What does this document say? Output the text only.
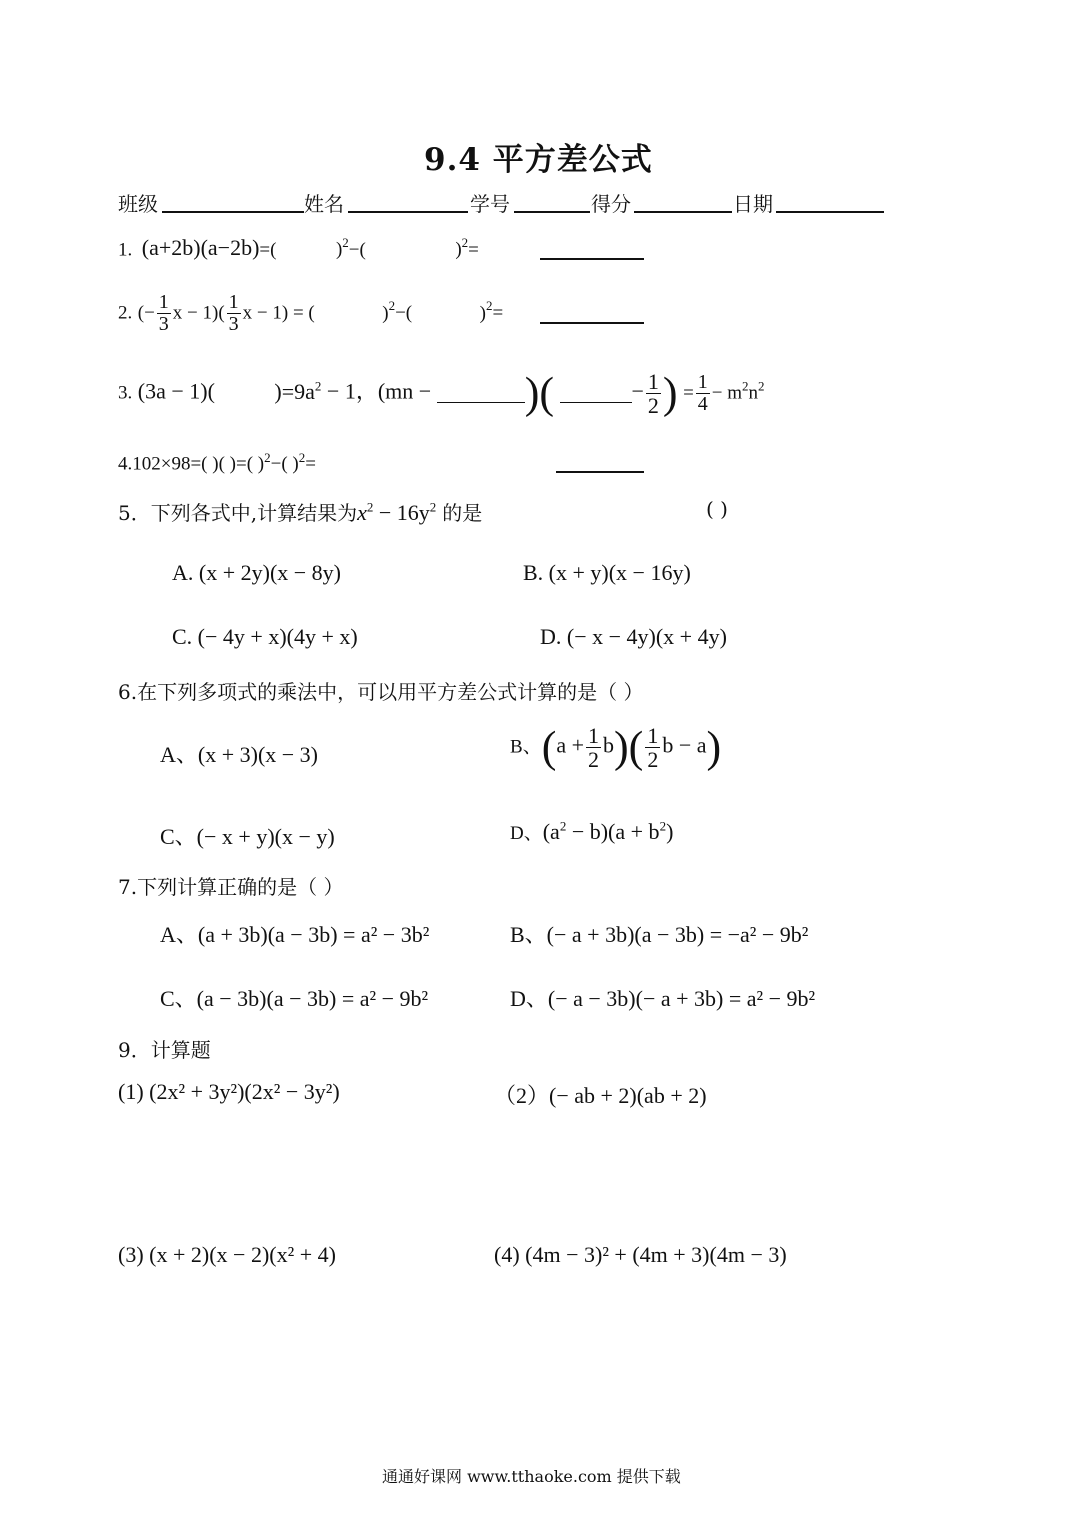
9.4 平方差公式
班级	姓名	学号	得分	日期
1. (a+2b)(a−2b)=(	)$^2$−(	)$^2$=
2. (− $\frac{1}{3}$ $x - 1)( \frac{1}{3}$ x − 1) = (	)$^2$−(	)$^2$=
3. (3a − 1)(	)$=9a^2 - 1$，(mn − )(	− $\frac{1}{2}$ ) = $\frac{1}{4} - m^2n^2$
4.102×98=( )( )=( )$^2$−( )$^2$=
5．下列各式中,计算结果为$x^2 - 16y^2$ 的是	( )
A. (x + 2y)(x − 8y)	B. (x + y)(x − 16y)
C. (− 4y + x)(4y + x)	D. (− x − 4y)(x + 4y)
6.在下列多项式的乘法中，可以用平方差公式计算的是（ ）
A、(x + 3)(x − 3)	B、$(a + \frac{1}{2} b)( \frac{1}{2}$ b − a)
C、(− x + y)(x − y)	D、$(a^2 - b)(a + b^2)$
7.下列计算正确的是（ ）
A、(a + 3b)(a − 3b) = a² − 3b²	B、(− a + 3b)(a − 3b) = −a² − 9b²
C、(a − 3b)(a − 3b) = a² − 9b²	D、(− a − 3b)(− a + 3b) = a² − 9b²
9．计算题
(1) (2x² + 3y²)(2x² − 3y²)	（2）(− ab + 2)(ab + 2)
(3) (x + 2)(x − 2)(x² + 4)	(4) (4m − 3)² + (4m + 3)(4m − 3)
通通好课网 www.tthaoke.com 提供下载
